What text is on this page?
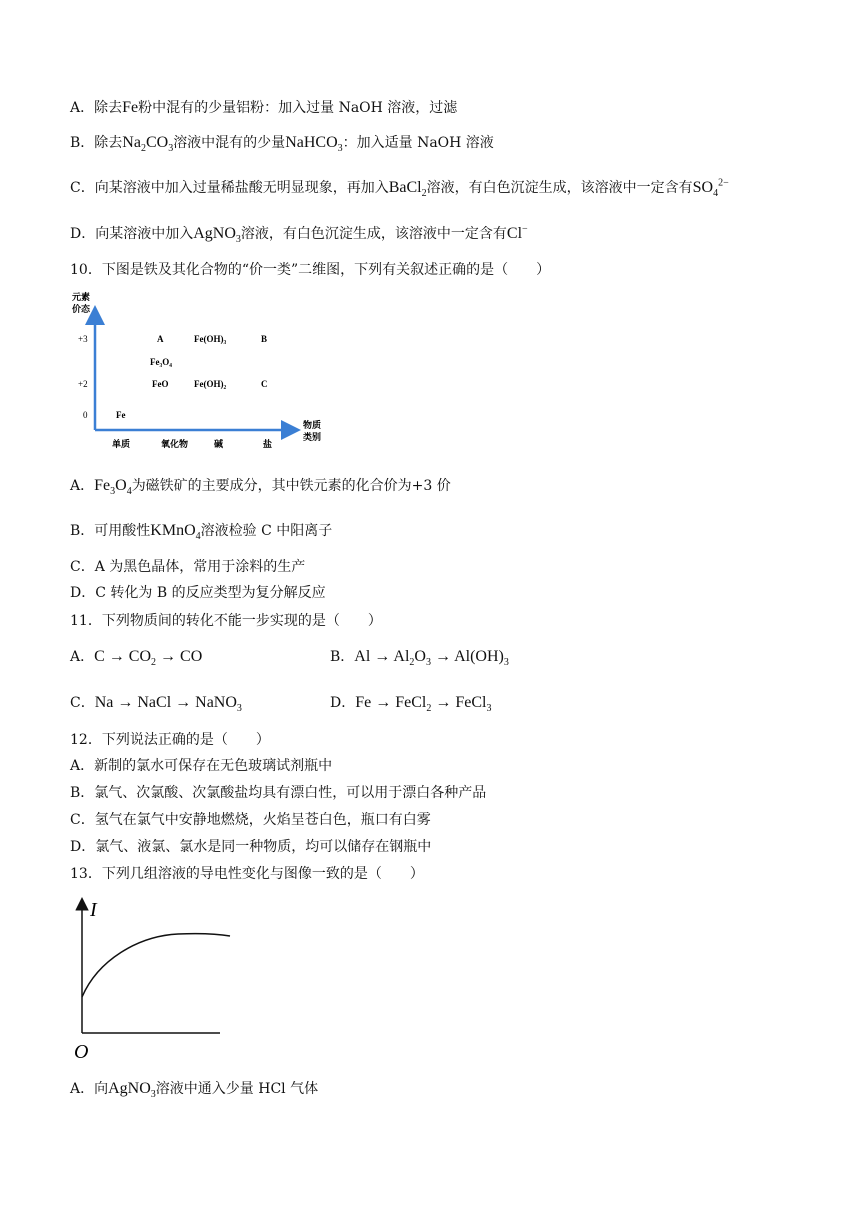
A．除去Fe粉中混有的少量铝粉：加入过量 NaOH 溶液，过滤
B．除去$Na_2CO_3$溶液中混有的少量NaHCO$_3$：加入适量 NaOH 溶液
C．向某溶液中加入过量稀盐酸无明显现象，再加入BaCl$_2$溶液，有白色沉淀生成，该溶液中一定含有$SO_4^{2-}$
D．向某溶液中加入AgNO$_3$溶液，有白色沉淀生成，该溶液中一定含有Cl−
10．下图是铁及其化合物的“价一类”二维图，下列有关叙述正确的是（　　）
元素
价态
+3
+2
0
物质
类别
单质	氧化物	碱	盐
A	Fe(OH)₃	B
Fe₃O₄
FeO	Fe(OH)₂	C
Fe
A．$Fe_3O_4$为磁铁矿的主要成分，其中铁元素的化合价为+3 价
B．可用酸性KMnO$_4$溶液检验 C 中阳离子
C．A 为黑色晶体，常用于涂料的生产
D．C 转化为 B 的反应类型为复分解反应
11．下列物质间的转化不能一步实现的是（　　）
A．$C \to CO_2$ → CO	B．$Al \to Al_2O_3 \to Al(OH)_3$
C．Na → NaCl → NaNO$_3$	D．Fe → FeCl$_2$ → FeCl$_3$
12．下列说法正确的是（　　）
A．新制的氯水可保存在无色玻璃试剂瓶中
B．氯气、次氯酸、次氯酸盐均具有漂白性，可以用于漂白各种产品
C．氢气在氯气中安静地燃烧，火焰呈苍白色，瓶口有白雾
D．氯气、液氯、氯水是同一种物质，均可以储存在钢瓶中
13．下列几组溶液的导电性变化与图像一致的是（　　）
I
O
A．向AgNO$_3$溶液中通入少量 HCl 气体
